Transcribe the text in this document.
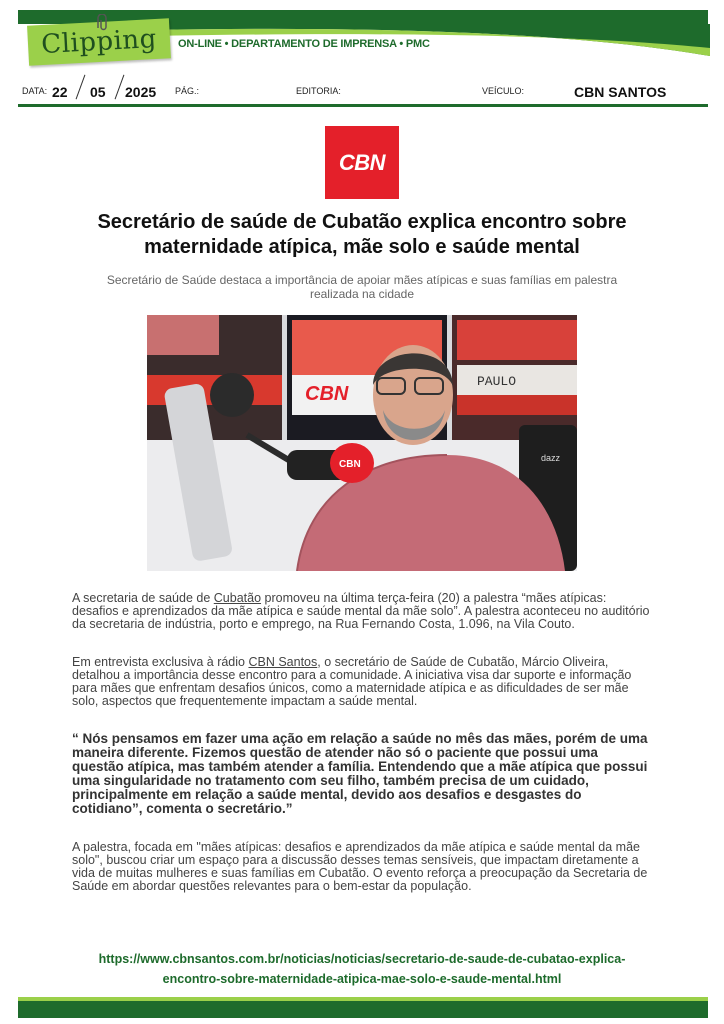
Clipping ON-LINE • DEPARTAMENTO DE IMPRENSA • PMC
DATA: 22 05 2025 PÁG.:	EDITORIA:	VEÍCULO:	CBN SANTOS
CBN
Secretário de saúde de Cubatão explica encontro sobre
maternidade atípica, mãe solo e saúde mental
Secretário de Saúde destaca a importância de apoiar mães atípicas e suas famílias em palestra
realizada na cidade
CBN
PAULO
dazz
CBN
A secretaria de saúde de Cubatão promoveu na última terça-feira (20) a palestra “mães atípicas: desafios e aprendizados da mãe atípica e saúde mental da mãe solo”. A palestra aconteceu no auditório da secretaria de indústria, porto e emprego, na Rua Fernando Costa, 1.096, na Vila Couto.
Em entrevista exclusiva à rádio CBN Santos, o secretário de Saúde de Cubatão, Márcio Oliveira, detalhou a importância desse encontro para a comunidade. A iniciativa visa dar suporte e informação para mães que enfrentam desafios únicos, como a maternidade atípica e as dificuldades de ser mãe solo, aspectos que frequentemente impactam a saúde mental.
“ Nós pensamos em fazer uma ação em relação a saúde no mês das mães, porém de uma maneira diferente. Fizemos questão de atender não só o paciente que possui uma questão atípica, mas também atender a família. Entendendo que a mãe atípica que possui uma singularidade no tratamento com seu filho, também precisa de um cuidado, principalmente em relação a saúde mental, devido aos desafios e desgastes do cotidiano”, comenta o secretário.”
A palestra, focada em "mães atípicas: desafios e aprendizados da mãe atípica e saúde mental da mãe solo", buscou criar um espaço para a discussão desses temas sensíveis, que impactam diretamente a vida de muitas mulheres e suas famílias em Cubatão. O evento reforça a preocupação da Secretaria de Saúde em abordar questões relevantes para o bem-estar da população.
https://www.cbnsantos.com.br/noticias/noticias/secretario-de-saude-de-cubatao-explica-
encontro-sobre-maternidade-atipica-mae-solo-e-saude-mental.html
